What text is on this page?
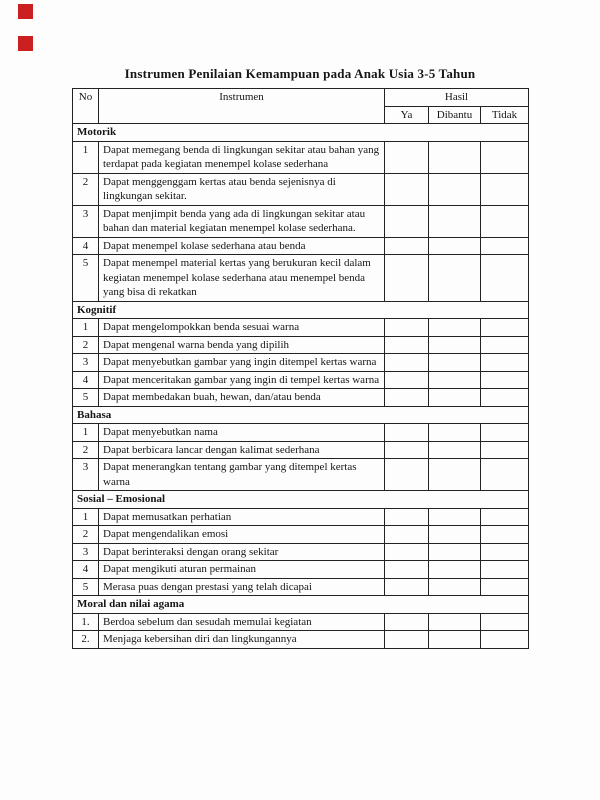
Instrumen Penilaian Kemampuan pada Anak Usia 3-5 Tahun
No	Instrumen	Hasil		
		Ya	Dibantu	Tidak
Motorik				
1	Dapat memegang benda di lingkungan sekitar atau bahan yang terdapat pada kegiatan menempel kolase sederhana			
2	Dapat menggenggam kertas atau benda sejenisnya di lingkungan sekitar.			
3	Dapat menjimpit benda yang ada di lingkungan sekitar atau bahan dan material kegiatan menempel kolase sederhana.			
4	Dapat menempel kolase sederhana atau benda			
5	Dapat menempel material kertas yang berukuran kecil dalam kegiatan menempel kolase sederhana atau menempel benda yang bisa di rekatkan			
Kognitif				
1	Dapat mengelompokkan benda sesuai warna			
2	Dapat mengenal warna benda yang dipilih			
3	Dapat menyebutkan gambar yang ingin ditempel kertas warna			
4	Dapat menceritakan gambar yang ingin di tempel kertas warna			
5	Dapat membedakan buah, hewan, dan/atau benda			
Bahasa				
1	Dapat menyebutkan nama			
2	Dapat berbicara lancar dengan kalimat sederhana			
3	Dapat menerangkan tentang gambar yang ditempel kertas warna			
Sosial – Emosional				
1	Dapat memusatkan perhatian			
2	Dapat mengendalikan emosi			
3	Dapat berinteraksi dengan orang sekitar			
4	Dapat mengikuti aturan permainan			
5	Merasa puas dengan prestasi yang telah dicapai			
Moral dan nilai agama				
1.	Berdoa sebelum dan sesudah memulai kegiatan			
2.	Menjaga kebersihan diri dan lingkungannya			
